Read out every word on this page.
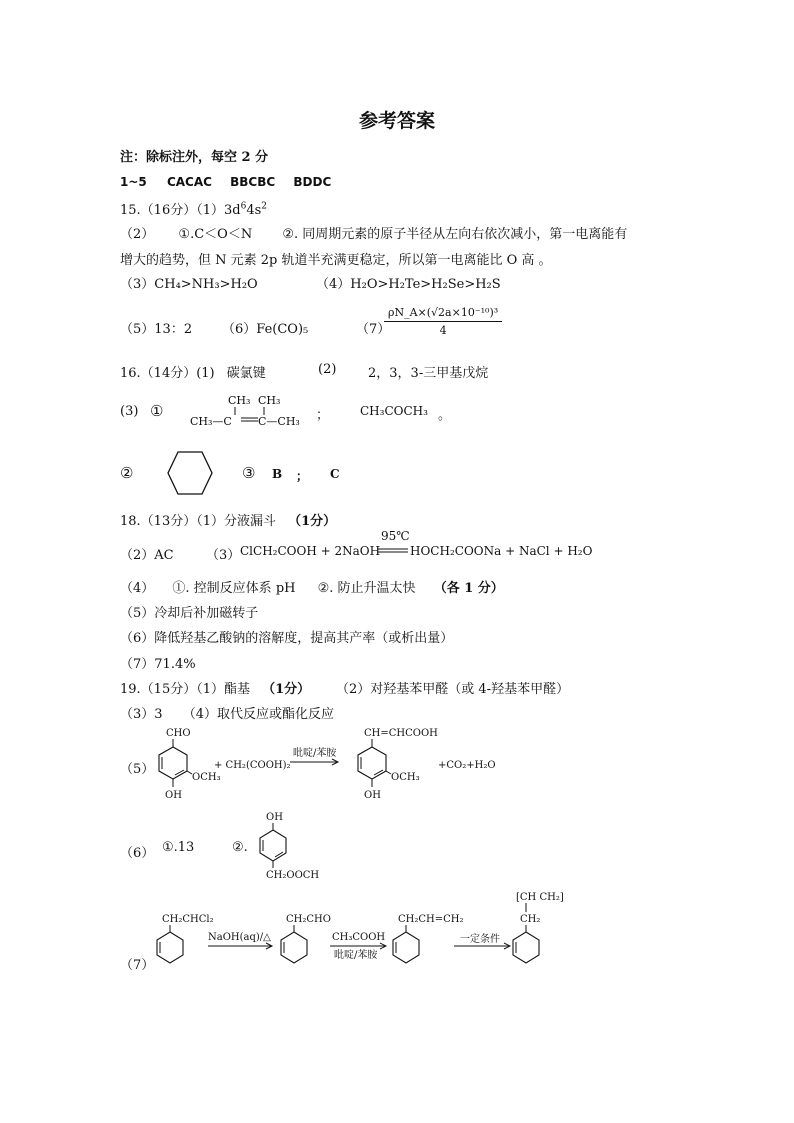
参考答案
注：除标注外，每空 2 分
1~5 CACAC BBCBC BDDC
15.（16分）$(1)3d^64s^2$
（2） ①.C＜O＜N ②. 同周期元素的原子半径从左向右依次减小，第一电离能有
增大的趋势，但 N 元素 2p 轨道半充满更稳定，所以第一电离能比 O 高 。
（3）CH₄>NH₃>H₂O	（4）H₂O>H₂Te>H₂Se>H₂S
（5）13：2 （6）Fe(CO)₅	（7）
$\frac{\text{ρN\_A×(√2a×10⁻¹⁰)³}}{4}$
16.（14分）(1) 碳氯键	(2) 2，3，3-三甲基戊烷
(3) ①
CH₃ CH₃
CH₃—C C—CH₃ ；	CH₃COCH₃ 。
②	③ B ； C
18.（13分）（1）分液漏斗 （1分）
（2）AC （3） ClCH₂COOH + 2NaOH
95℃
HOCH₂COONa + NaCl + H₂O
（4） ①. 控制反应体系 pH ②. 防止升温太快 （各 1 分）
（5）冷却后补加磁转子
（6）降低羟基乙酸钠的溶解度，提高其产率（或析出量）
（7）71.4%
19.（15分）（1）酯基 （1分） （2）对羟基苯甲醛（或 4-羟基苯甲醛）
（3）3 （4）取代反应或酯化反应
（5）
CHO
OCH₃
OH
+ CH₂(COOH)₂
吡啶/苯胺
CH=CHCOOH
OCH₃
OH
+CO₂+H₂O
（6） ①.13	②.
OH
CH₂OOCH
（7）
CH₂CHCl₂
NaOH(aq)/△
CH₂CHO
CH₃COOH
吡啶/苯胺
CH₂CH=CH₂
一定条件
[CH CH₂]
CH₂
